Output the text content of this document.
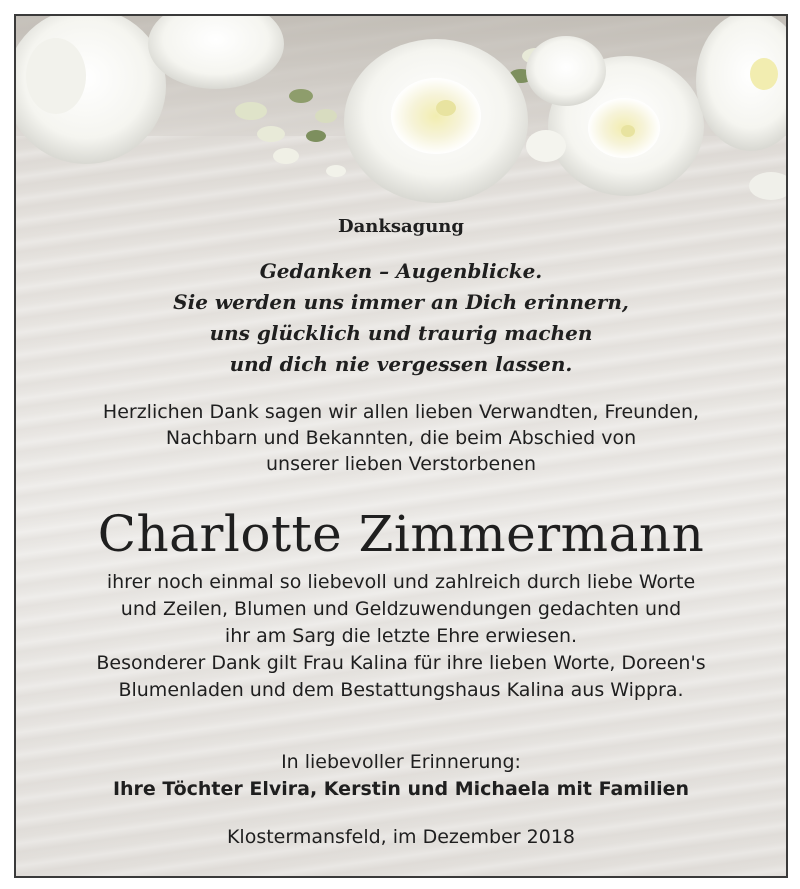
Danksagung
Gedanken – Augenblicke.
Sie werden uns immer an Dich erinnern,
uns glücklich und traurig machen
und dich nie vergessen lassen.
Herzlichen Dank sagen wir allen lieben Verwandten, Freunden,
Nachbarn und Bekannten, die beim Abschied von
unserer lieben Verstorbenen
Charlotte Zimmermann
ihrer noch einmal so liebevoll und zahlreich durch liebe Worte
und Zeilen, Blumen und Geldzuwendungen gedachten und
ihr am Sarg die letzte Ehre erwiesen.
Besonderer Dank gilt Frau Kalina für ihre lieben Worte, Doreen's
Blumenladen und dem Bestattungshaus Kalina aus Wippra.
In liebevoller Erinnerung:
Ihre Töchter Elvira, Kerstin und Michaela mit Familien
Klostermansfeld, im Dezember 2018
